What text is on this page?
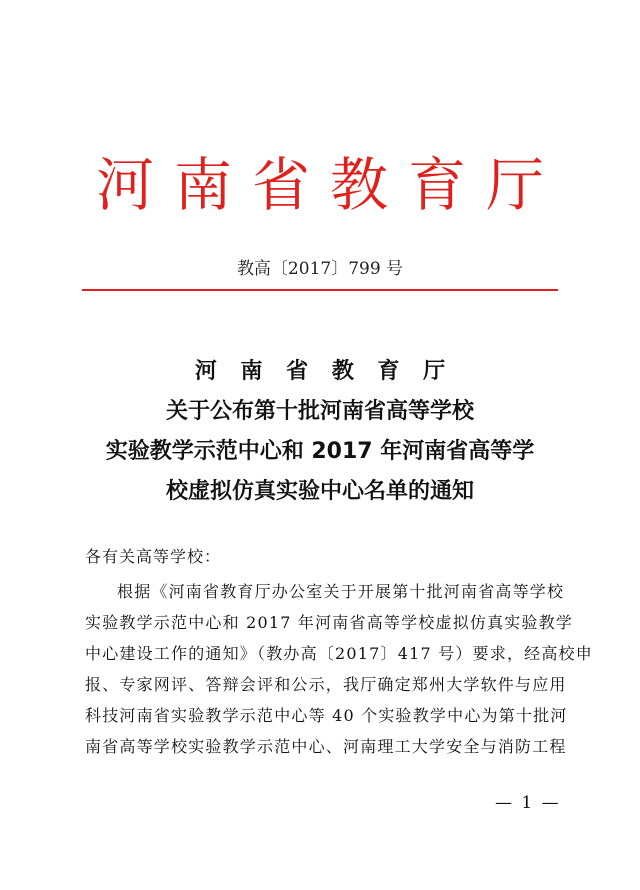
河南省教育厅
教高〔2017〕799 号
河 南 省 教 育 厅
关于公布第十批河南省高等学校
实验教学示范中心和 2017 年河南省高等学
校虚拟仿真实验中心名单的通知
各有关高等学校：
根据《河南省教育厅办公室关于开展第十批河南省高等学校
实验教学示范中心和 2017 年河南省高等学校虚拟仿真实验教学
中心建设工作的通知》（教办高〔2017〕417 号）要求，经高校申
报、专家网评、答辩会评和公示，我厅确定郑州大学软件与应用
科技河南省实验教学示范中心等 40 个实验教学中心为第十批河
南省高等学校实验教学示范中心、河南理工大学安全与消防工程
— 1 —
